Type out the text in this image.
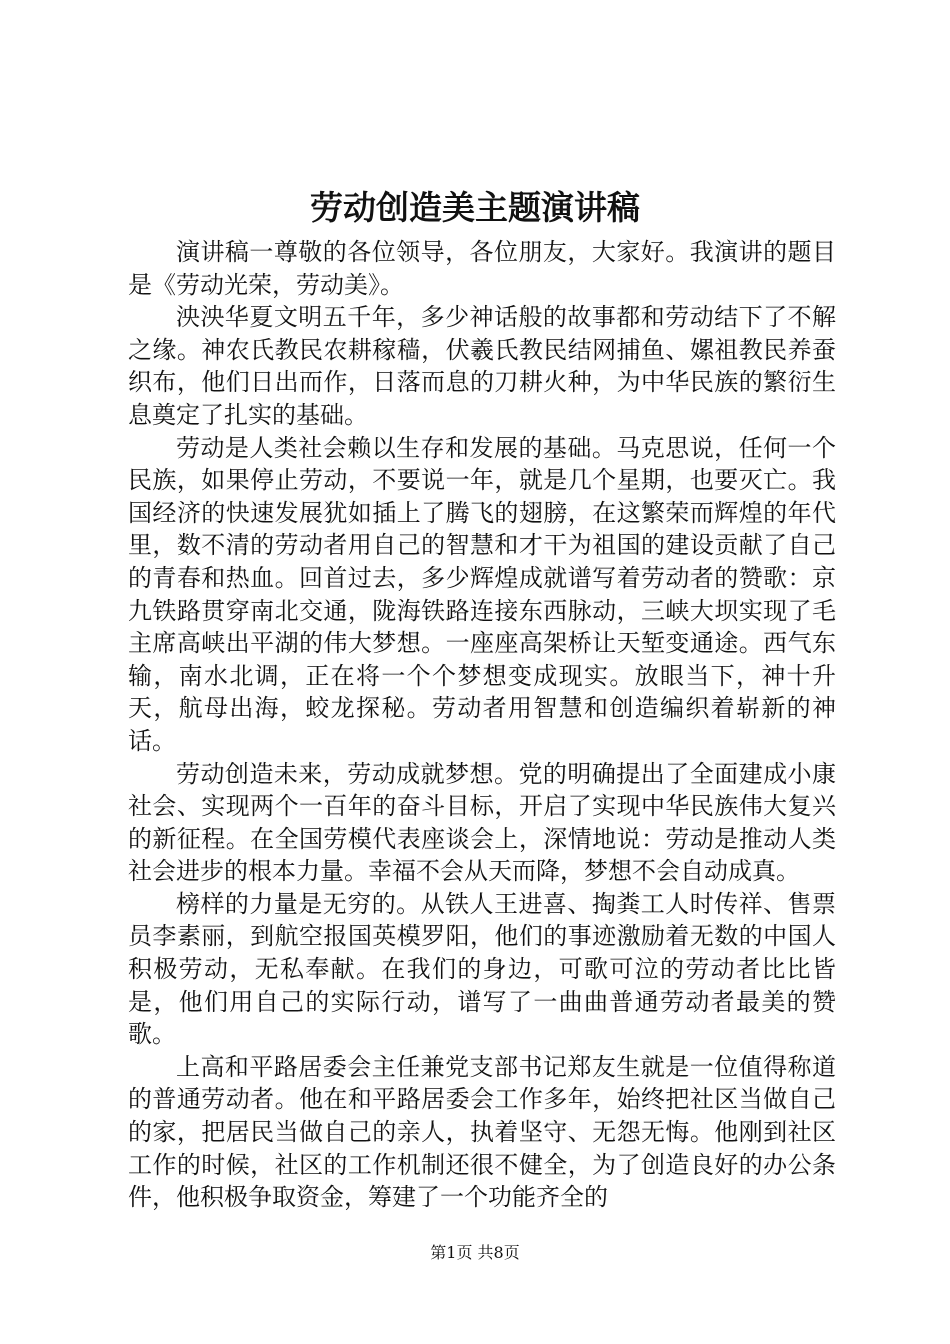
劳动创造美主题演讲稿

演讲稿一尊敬的各位领导，各位朋友，大家好。我演讲的题目是《劳动光荣，劳动美》。

泱泱华夏文明五千年，多少神话般的故事都和劳动结下了不解之缘。神农氏教民农耕稼穑，伏羲氏教民结网捕鱼、嫘祖教民养蚕织布，他们日出而作，日落而息的刀耕火种，为中华民族的繁衍生息奠定了扎实的基础。

劳动是人类社会赖以生存和发展的基础。马克思说，任何一个民族，如果停止劳动，不要说一年，就是几个星期，也要灭亡。我国经济的快速发展犹如插上了腾飞的翅膀，在这繁荣而辉煌的年代里，数不清的劳动者用自己的智慧和才干为祖国的建设贡献了自己的青春和热血。回首过去，多少辉煌成就谱写着劳动者的赞歌：京九铁路贯穿南北交通，陇海铁路连接东西脉动，三峡大坝实现了毛主席高峡出平湖的伟大梦想。一座座高架桥让天堑变通途。西气东输，南水北调，正在将一个个梦想变成现实。放眼当下，神十升天，航母出海，蛟龙探秘。劳动者用智慧和创造编织着崭新的神话。

劳动创造未来，劳动成就梦想。党的明确提出了全面建成小康社会、实现两个一百年的奋斗目标，开启了实现中华民族伟大复兴的新征程。在全国劳模代表座谈会上，深情地说：劳动是推动人类社会进步的根本力量。幸福不会从天而降，梦想不会自动成真。

榜样的力量是无穷的。从铁人王进喜、掏粪工人时传祥、售票员李素丽，到航空报国英模罗阳，他们的事迹激励着无数的中国人积极劳动，无私奉献。在我们的身边，可歌可泣的劳动者比比皆是，他们用自己的实际行动，谱写了一曲曲普通劳动者最美的赞歌。

上高和平路居委会主任兼党支部书记郑友生就是一位值得称道的普通劳动者。他在和平路居委会工作多年，始终把社区当做自己的家，把居民当做自己的亲人，执着坚守、无怨无悔。他刚到社区工作的时候，社区的工作机制还很不健全，为了创造良好的办公条件，他积极争取资金，筹建了一个功能齐全的

第1页 共8页
